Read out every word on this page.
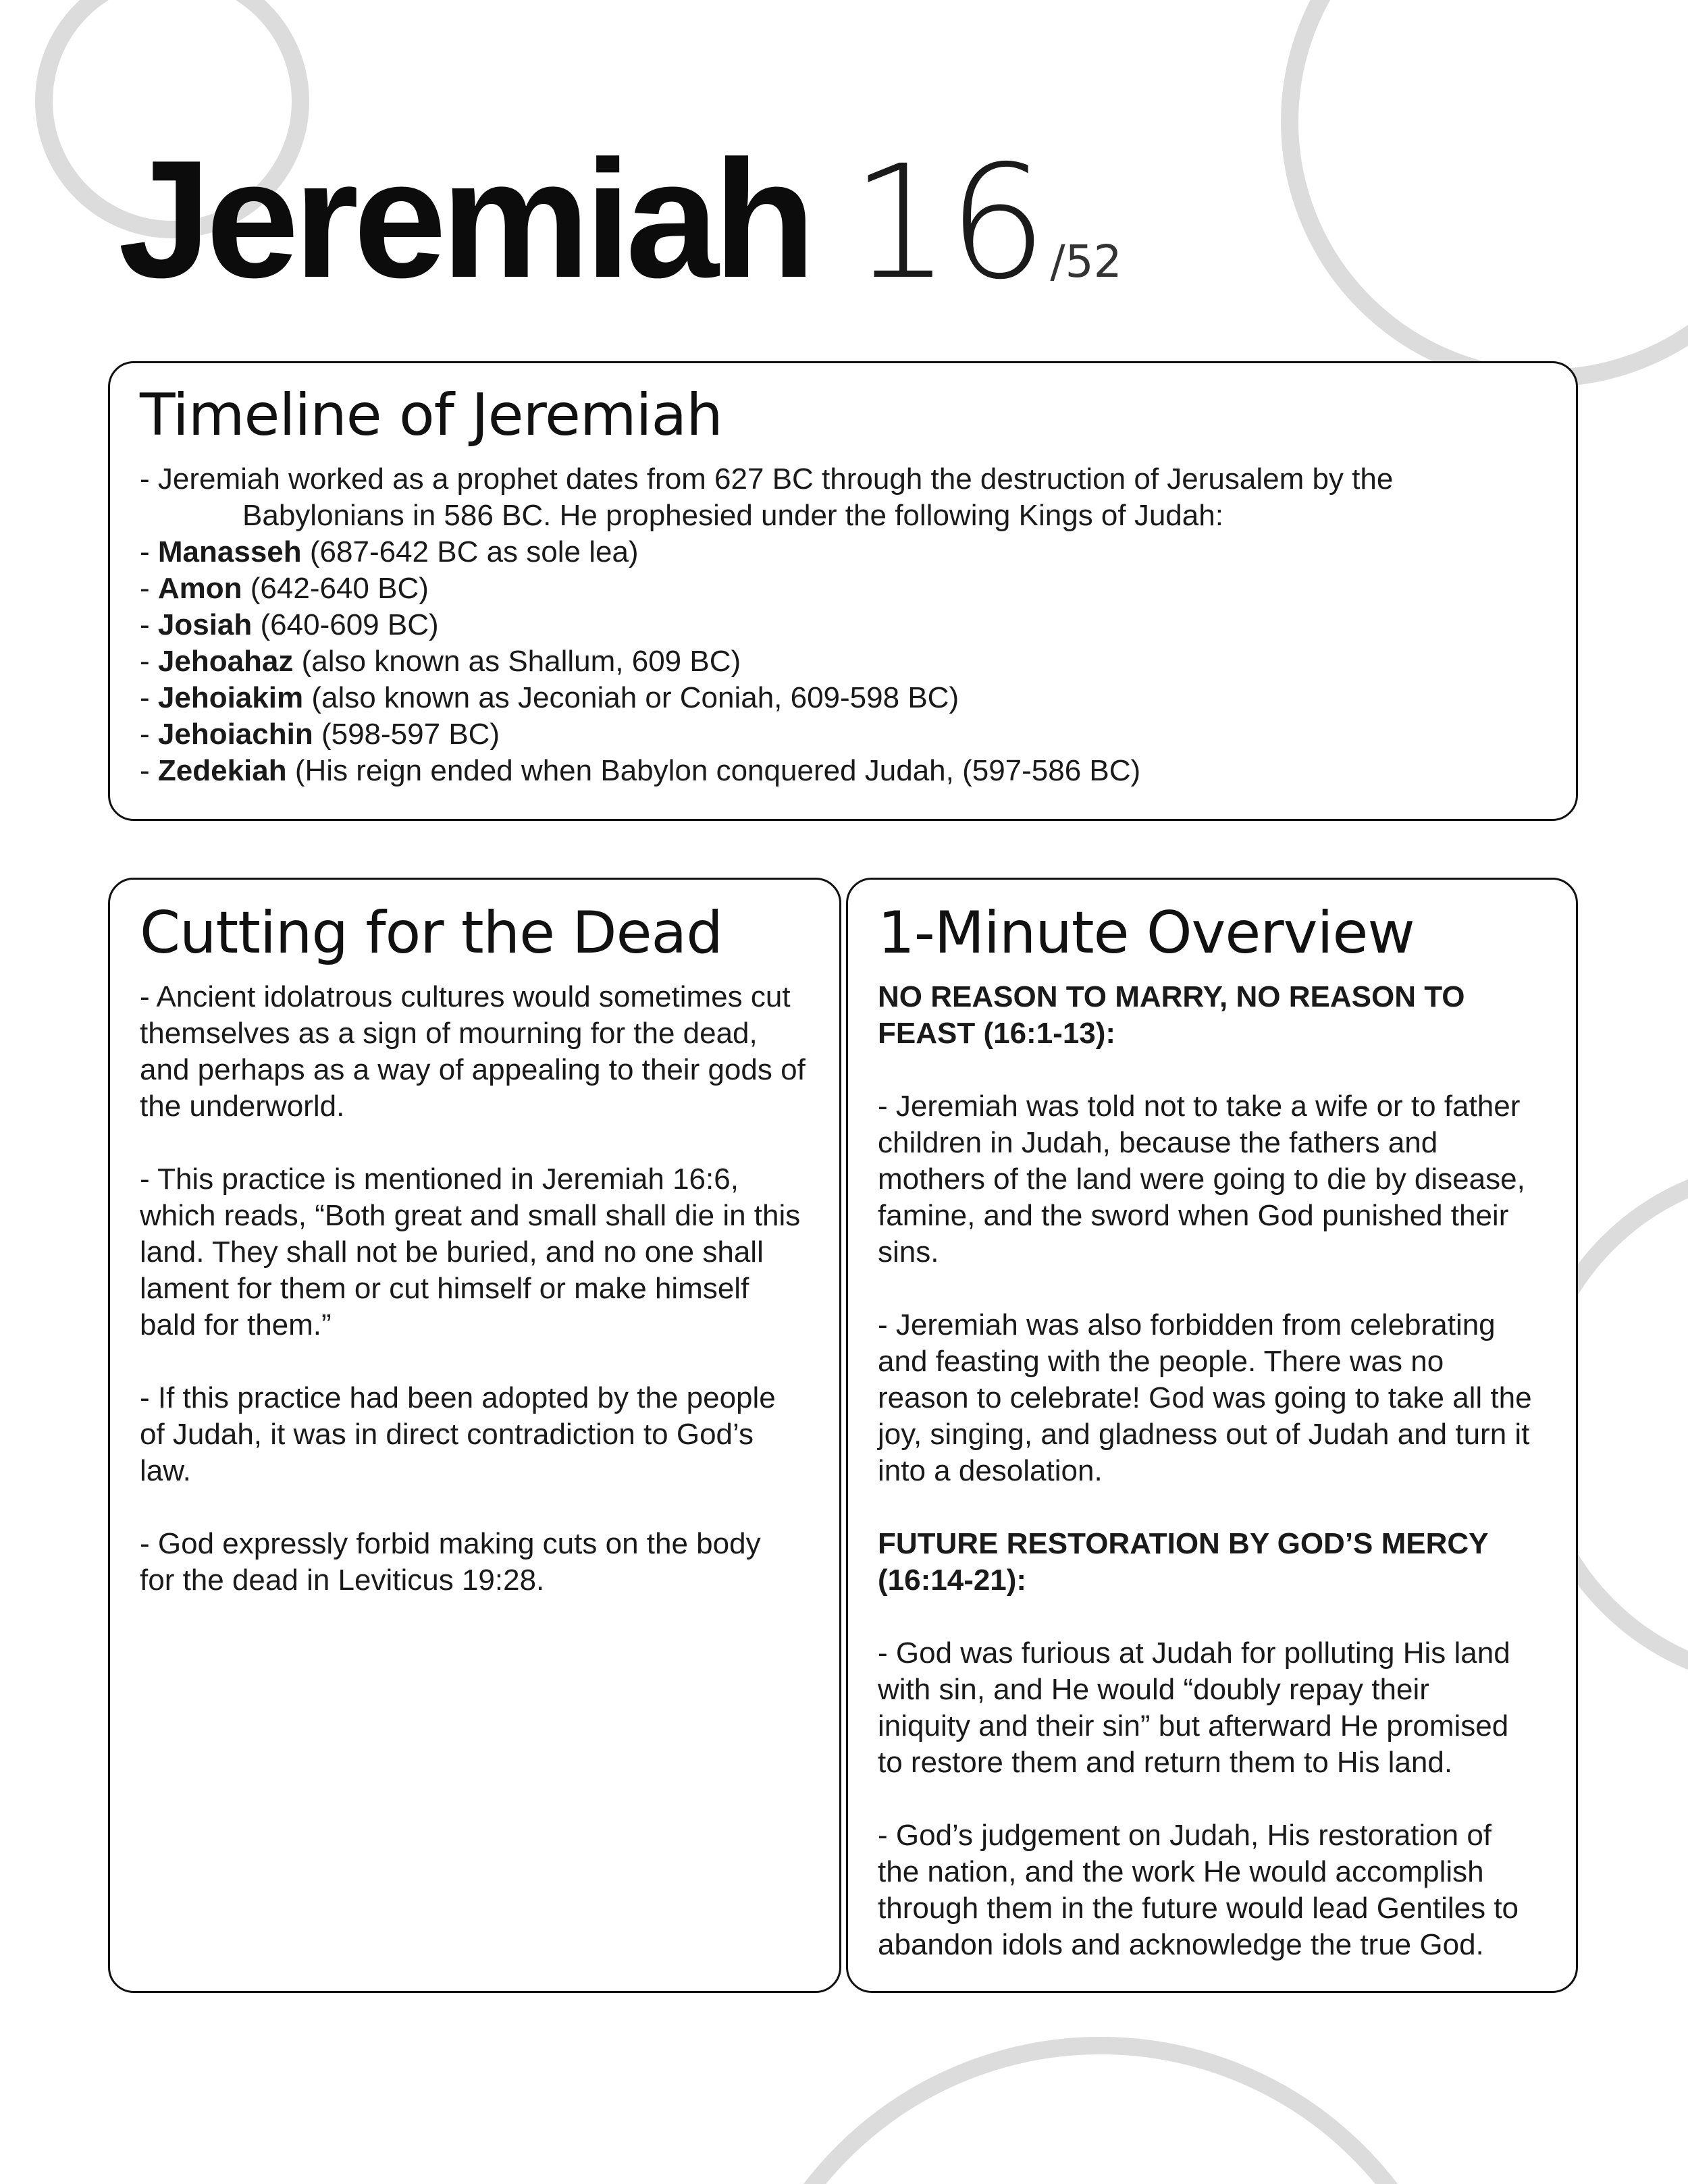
Jeremiah 16 /52
Timeline of Jeremiah
- Jeremiah worked as a prophet dates from 627 BC through the destruction of Jerusalem by the
Babylonians in 586 BC. He prophesied under the following Kings of Judah:
- Manasseh (687-642 BC as sole lea)
- Amon (642-640 BC)
- Josiah (640-609 BC)
- Jehoahaz (also known as Shallum, 609 BC)
- Jehoiakim (also known as Jeconiah or Coniah, 609-598 BC)
- Jehoiachin (598-597 BC)
- Zedekiah (His reign ended when Babylon conquered Judah, (597-586 BC)
Cutting for the Dead
- Ancient idolatrous cultures would sometimes cut
themselves as a sign of mourning for the dead,
and perhaps as a way of appealing to their gods of
the underworld.
- This practice is mentioned in Jeremiah 16:6,
which reads, “Both great and small shall die in this
land. They shall not be buried, and no one shall
lament for them or cut himself or make himself
bald for them.”
- If this practice had been adopted by the people
of Judah, it was in direct contradiction to God’s
law.
- God expressly forbid making cuts on the body
for the dead in Leviticus 19:28.
1-Minute Overview
NO REASON TO MARRY, NO REASON TO
FEAST (16:1-13):
- Jeremiah was told not to take a wife or to father
children in Judah, because the fathers and
mothers of the land were going to die by disease,
famine, and the sword when God punished their
sins.
- Jeremiah was also forbidden from celebrating
and feasting with the people. There was no
reason to celebrate! God was going to take all the
joy, singing, and gladness out of Judah and turn it
into a desolation.
FUTURE RESTORATION BY GOD’S MERCY
(16:14-21):
- God was furious at Judah for polluting His land
with sin, and He would “doubly repay their
iniquity and their sin” but afterward He promised
to restore them and return them to His land.
- God’s judgement on Judah, His restoration of
the nation, and the work He would accomplish
through them in the future would lead Gentiles to
abandon idols and acknowledge the true God.
